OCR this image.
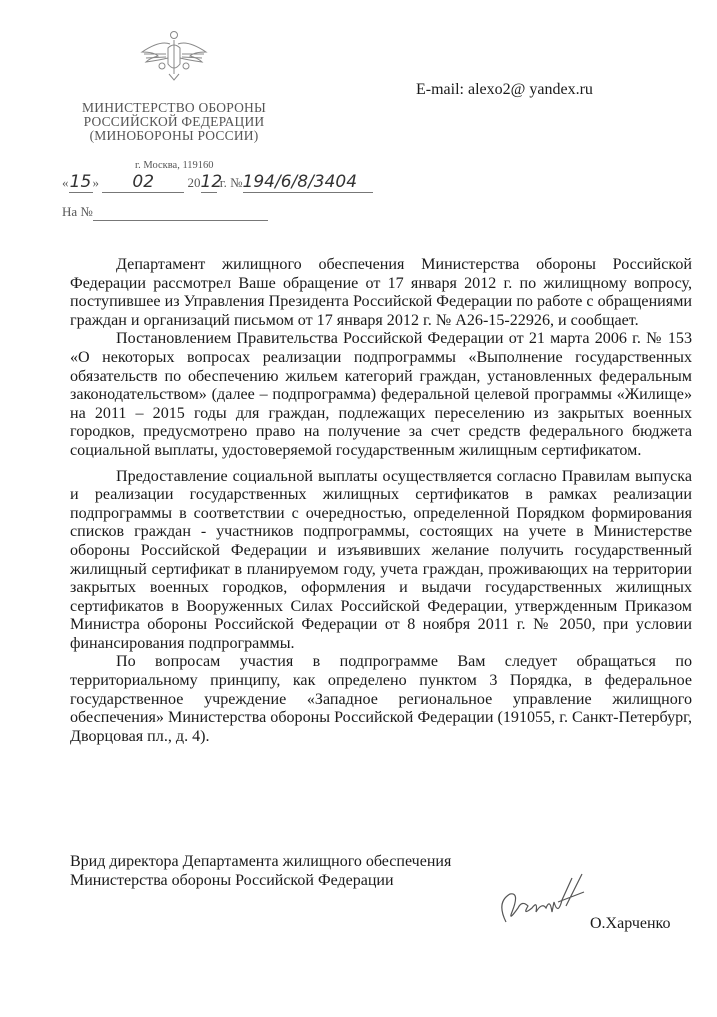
МИНИСТЕРСТВО ОБОРОНЫ
РОССИЙСКОЙ ФЕДЕРАЦИИ
(МИНОБОРОНЫ РОССИИ)
г. Москва, 119160
«15» 02	2012 г. №194/6/8/3404
На №
E-mail: alexo2@ yandex.ru

Департамент жилищного обеспечения Министерства обороны Российской Федерации рассмотрел Ваше обращение от 17 января 2012 г. по жилищному вопросу, поступившее из Управления Президента Российской Федерации по работе с обращениями граждан и организаций письмом от 17 января 2012 г. № А26-15-22926, и сообщает.

Постановлением Правительства Российской Федерации от 21 марта 2006 г. № 153 «О некоторых вопросах реализации подпрограммы «Выполнение государственных обязательств по обеспечению жильем категорий граждан, установленных федеральным законодательством» (далее – подпрограмма) федеральной целевой программы «Жилище» на 2011 – 2015 годы для граждан, подлежащих переселению из закрытых военных городков, предусмотрено право на получение за счет средств федерального бюджета социальной выплаты, удостоверяемой государственным жилищным сертификатом.

Предоставление социальной выплаты осуществляется согласно Правилам выпуска и реализации государственных жилищных сертификатов в рамках реализации подпрограммы в соответствии с очередностью, определенной Порядком формирования списков граждан - участников подпрограммы, состоящих на учете в Министерстве обороны Российской Федерации и изъявивших желание получить государственный жилищный сертификат в планируемом году, учета граждан, проживающих на территории закрытых военных городков, оформления и выдачи государственных жилищных сертификатов в Вооруженных Силах Российской Федерации, утвержденным Приказом Министра обороны Российской Федерации от 8 ноября 2011 г. № 2050, при условии финансирования подпрограммы.

По вопросам участия в подпрограмме Вам следует обращаться по территориальному принципу, как определено пунктом 3 Порядка, в федеральное государственное учреждение «Западное региональное управление жилищного обеспечения» Министерства обороны Российской Федерации (191055, г. Санкт-Петербург, Дворцовая пл., д. 4).

Врид директора Департамента жилищного обеспечения
Министерства обороны Российской Федерации
О.Харченко
